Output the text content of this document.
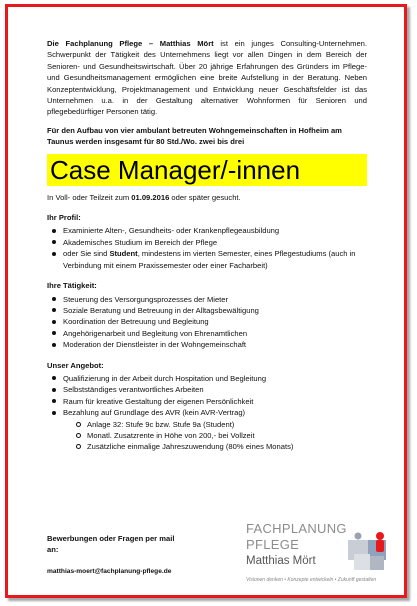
Die Fachplanung Pflege – Matthias Mört ist ein junges Consulting-Unternehmen. Schwerpunkt der Tätigkeit des Unternehmens liegt vor allen Dingen in dem Bereich der Senioren- und Gesundheitswirtschaft. Über 20 jährige Erfahrungen des Gründers im Pflege- und Gesundheitsmanagement ermöglichen eine breite Aufstellung in der Beratung. Neben Konzeptentwicklung, Projektmanagement und Entwicklung neuer Geschäftsfelder ist das Unternehmen u.a. in der Gestaltung alternativer Wohnformen für Senioren und pflegebedürftiger Personen tätig.

Für den Aufbau von vier ambulant betreuten Wohngemeinschaften in Hofheim am Taunus werden insgesamt für 80 Std./Wo. zwei bis drei

Case Manager/-innen

In Voll- oder Teilzeit zum 01.09.2016 oder später gesucht.

Ihr Profil:
Examinierte Alten-, Gesundheits- oder Krankenpflegeausbildung
Akademisches Studium im Bereich der Pflege
oder Sie sind Student, mindestens im vierten Semester, eines Pflegestudiums (auch in Verbindung mit einem Praxissemester oder einer Facharbeit)
Ihre Tätigkeit:
Steuerung des Versorgungsprozesses der Mieter
Soziale Beratung und Betreuung in der Alltagsbewältigung
Koordination der Betreuung und Begleitung
Angehörigenarbeit und Begleitung von Ehrenamtlichen
Moderation der Dienstleister in der Wohngemeinschaft
Unser Angebot:
Qualifizierung in der Arbeit durch Hospitation und Begleitung
Selbstständiges verantwortliches Arbeiten
Raum für kreative Gestaltung der eigenen Persönlichkeit
Bezahlung auf Grundlage des AVR (kein AVR-Vertrag)
Anlage 32: Stufe 9c bzw. Stufe 9a (Student)
Monatl. Zusatzrente in Höhe von 200,- bei Vollzeit
Zusätzliche einmalige Jahreszuwendung (80% eines Monats)

Bewerbungen oder Fragen per mail an:

matthias-moert@fachplanung-pflege.de

FACHPLANUNG
PFLEGE
Matthias Mört
Visionen denken • Konzepte entwickeln • Zukunft gestalten
